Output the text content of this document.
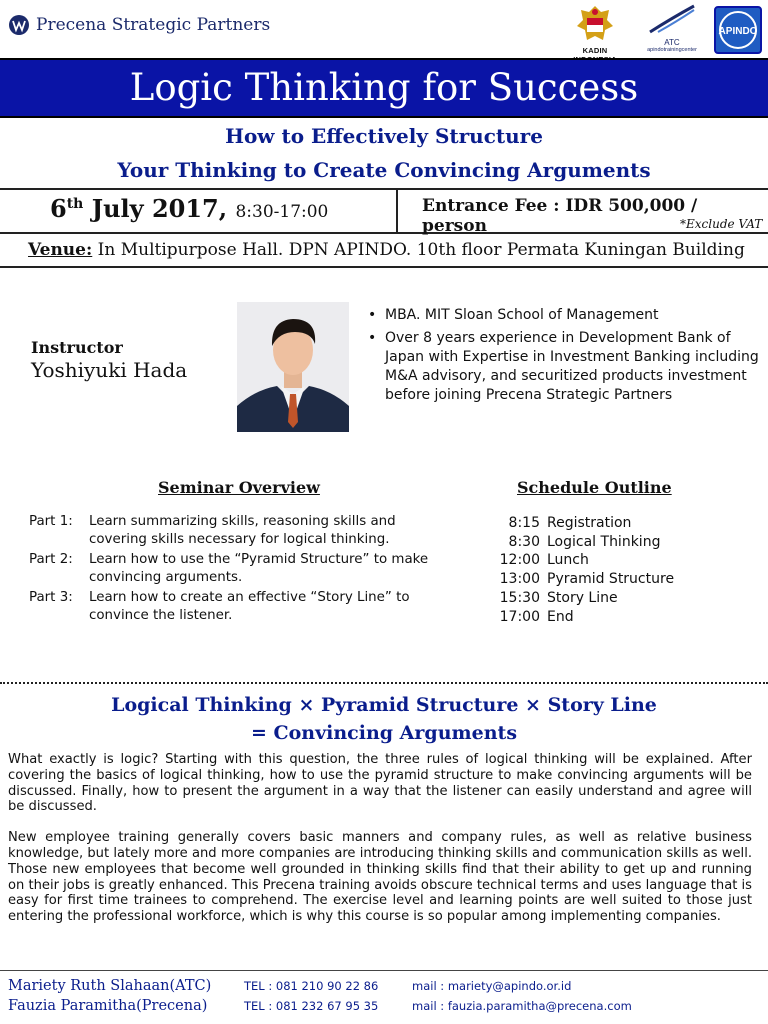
Precena Strategic Partners
KADIN
ATC
apindotrainingcenter
APINDO
Logic Thinking for Success
How to Effectively Structure
Your Thinking to Create Convincing Arguments
6th July 2017, 8:30-17:00	Entrance Fee : IDR 500,000 / person	*Exclude VAT
Venue: In Multipurpose Hall. DPN APINDO. 10th floor Permata Kuningan Building
Instructor
Yoshiyuki Hada
• MBA. MIT Sloan School of Management
• Over 8 years experience in Development Bank of Japan with Expertise in Investment Banking including M&A advisory, and securitized products investment before joining Precena Strategic Partners
Seminar Overview
Part 1:	Learn summarizing skills, reasoning skills and covering skills necessary for logical thinking.
Part 2:	Learn how to use the “Pyramid Structure” to make convincing arguments.
Part 3:	Learn how to create an effective “Story Line” to convince the listener.
Schedule Outline
8:15 Registration
8:30 Logical Thinking
12:00 Lunch
13:00 Pyramid Structure
15:30 Story Line
17:00 End
Logical Thinking × Pyramid Structure × Story Line
= Convincing Arguments

What exactly is logic? Starting with this question, the three rules of logical thinking will be explained. After covering the basics of logical thinking, how to use the pyramid structure to make convincing arguments will be discussed. Finally, how to present the argument in a way that the listener can easily understand and agree will be discussed.

New employee training generally covers basic manners and company rules, as well as relative business knowledge, but lately more and more companies are introducing thinking skills and communication skills as well. Those new employees that become well grounded in thinking skills find that their ability to get up and running on their jobs is greatly enhanced. This Precena training avoids obscure technical terms and uses language that is easy for first time trainees to comprehend. The exercise level and learning points are well suited to those just entering the professional workforce, which is why this course is so popular among implementing companies.

Mariety Ruth Slahaan(ATC)	TEL : 081 210 90 22 86	mail : mariety@apindo.or.id
Fauzia Paramitha(Precena)	TEL : 081 232 67 95 35	mail : fauzia.paramitha@precena.com
